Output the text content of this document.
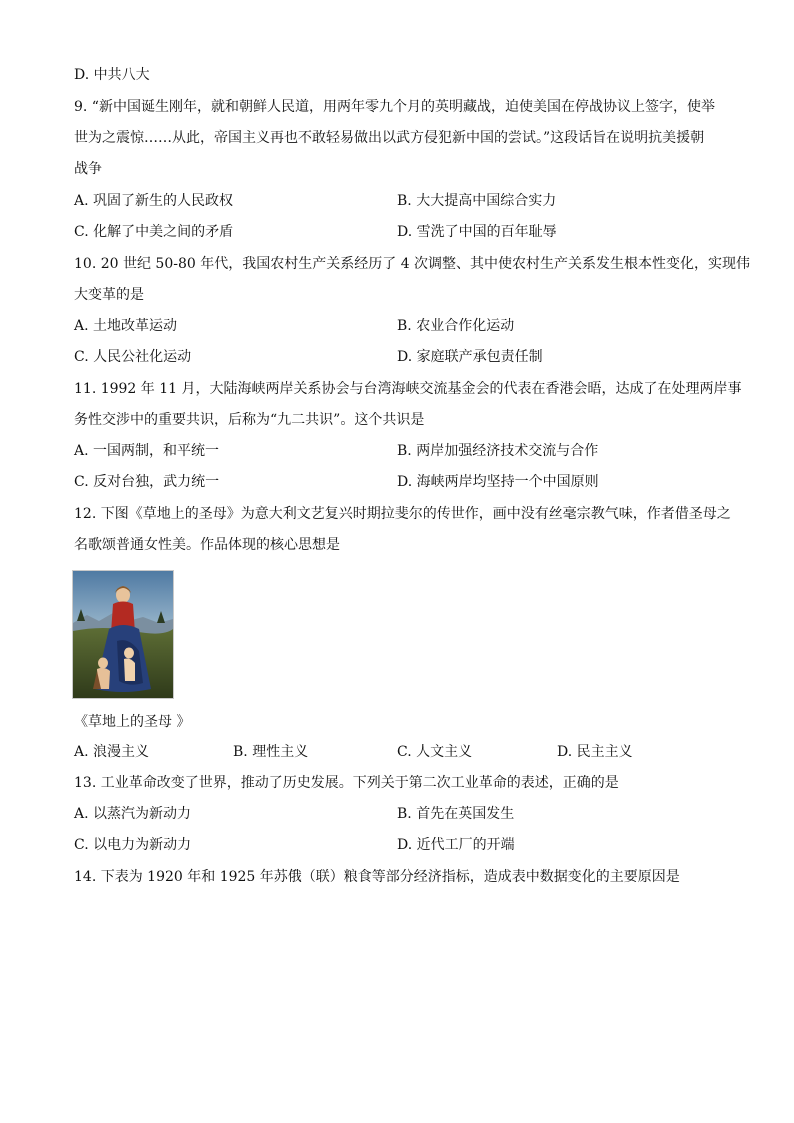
D. 中共八大
9. “新中国诞生刚年，就和朝鲜人民道，用两年零九个月的英明藏战，迫使美国在停战协议上签字，使举
世为之震惊……从此，帝国主义再也不敢轻易做出以武方侵犯新中国的尝试。”这段话旨在说明抗美援朝
战争
A. 巩固了新生的人民政权	B. 大大提高中国综合实力
C. 化解了中美之间的矛盾	D. 雪洗了中国的百年耻辱
10. 20 世纪 50-80 年代，我国农村生产关系经历了 4 次调整、其中使农村生产关系发生根本性变化，实现伟
大变革的是
A. 土地改革运动	B. 农业合作化运动
C. 人民公社化运动	D. 家庭联产承包责任制
11. 1992 年 11 月，大陆海峡两岸关系协会与台湾海峡交流基金会的代表在香港会晤，达成了在处理两岸事
务性交涉中的重要共识，后称为“九二共识”。这个共识是
A. 一国两制，和平统一	B. 两岸加强经济技术交流与合作
C. 反对台独，武力统一	D. 海峡两岸均坚持一个中国原则
12. 下图《草地上的圣母》为意大利文艺复兴时期拉斐尔的传世作，画中没有丝毫宗教气味，作者借圣母之
名歌颂普通女性美。作品体现的核心思想是
《草地上的圣母 》
A. 浪漫主义	B. 理性主义	C. 人文主义	D. 民主主义
13. 工业革命改变了世界，推动了历史发展。下列关于第二次工业革命的表述，正确的是
A. 以蒸汽为新动力	B. 首先在英国发生
C. 以电力为新动力	D. 近代工厂的开端
14. 下表为 1920 年和 1925 年苏俄（联）粮食等部分经济指标，造成表中数据变化的主要原因是
